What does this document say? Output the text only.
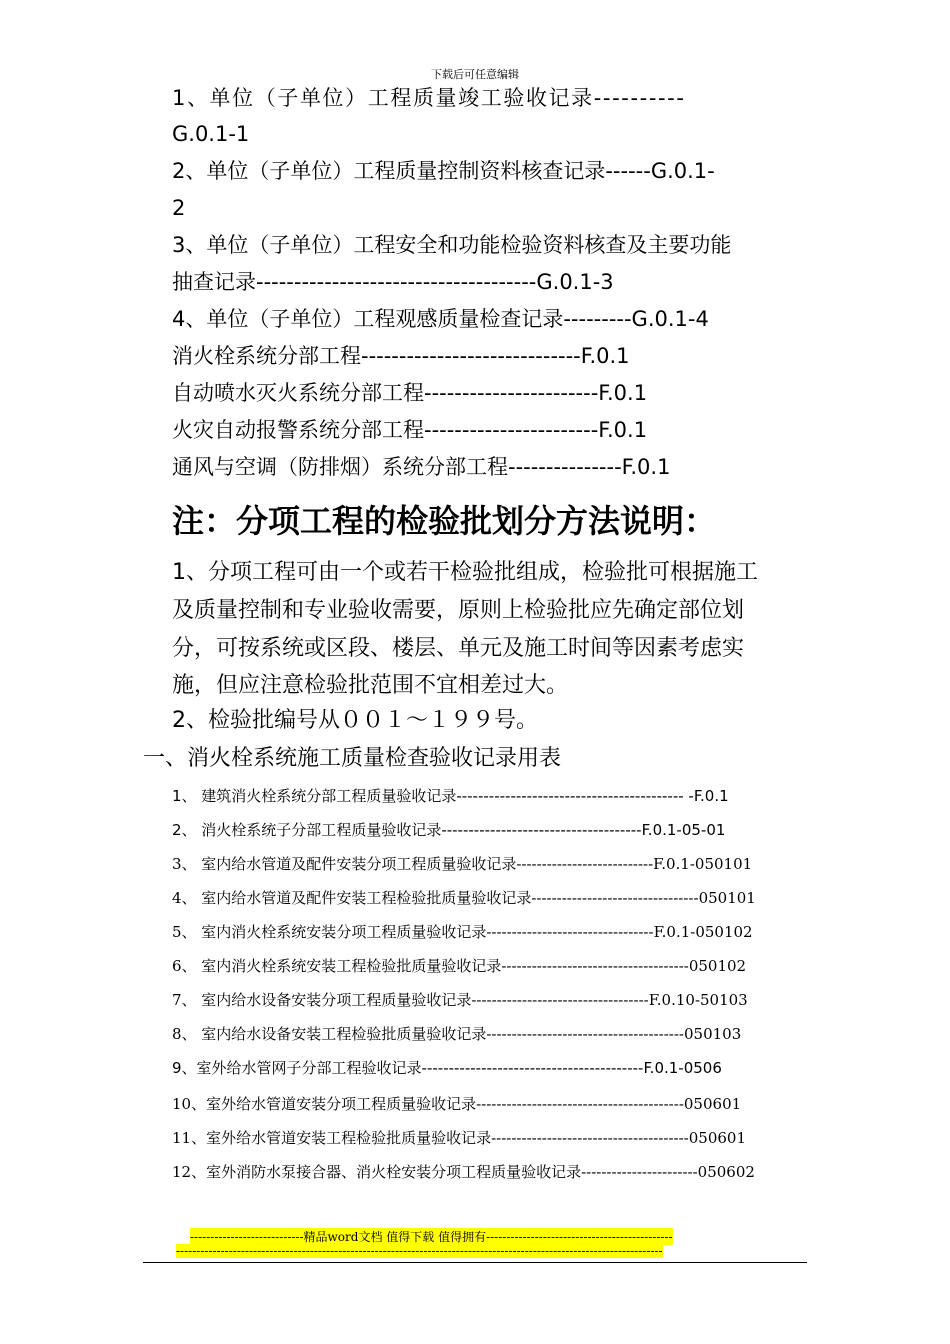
下载后可任意编辑
1、单位（子单位）工程质量竣工验收记录----------
G.0.1-1
2、单位（子单位）工程质量控制资料核查记录------G.0.1-
2
3、单位（子单位）工程安全和功能检验资料核查及主要功能
抽查记录-------------------------------------G.0.1-3
4、单位（子单位）工程观感质量检查记录---------G.0.1-4
消火栓系统分部工程-----------------------------F.0.1
自动喷水灭火系统分部工程-----------------------F.0.1
火灾自动报警系统分部工程-----------------------F.0.1
通风与空调（防排烟）系统分部工程---------------F.0.1
注：分项工程的检验批划分方法说明：
1、分项工程可由一个或若干检验批组成，检验批可根据施工
及质量控制和专业验收需要，原则上检验批应先确定部位划
分，可按系统或区段、楼层、单元及施工时间等因素考虑实
施，但应注意检验批范围不宜相差过大。
2、检验批编号从００１～１９９号。
一、消火栓系统施工质量检查验收记录用表
1、 建筑消火栓系统分部工程质量验收记录------------------------------------------ -F.0.1
2、 消火栓系统子分部工程质量验收记录-------------------------------------F.0.1-05-01
3、 室内给水管道及配件安装分项工程质量验收记录---------------------------F.0.1-050101
4、 室内给水管道及配件安装工程检验批质量验收记录---------------------------------050101
5、 室内消火栓系统安装分项工程质量验收记录---------------------------------F.0.1-050102
6、 室内消火栓系统安装工程检验批质量验收记录-------------------------------------050102
7、 室内给水设备安装分项工程质量验收记录-----------------------------------F.0.10-50103
8、 室内给水设备安装工程检验批质量验收记录---------------------------------------050103
9、室外给水管网子分部工程验收记录-----------------------------------------F.0.1-0506
10、室外给水管道安装分项工程质量验收记录-----------------------------------------050601
11、室外给水管道安装工程检验批质量验收记录---------------------------------------050601
12、室外消防水泵接合器、消火栓安装分项工程质量验收记录-----------------------050602
----------------------------精品word文档 值得下载 值得拥有----------------------------------------------
------------------------------------------------------------------------------------------------------------------------
